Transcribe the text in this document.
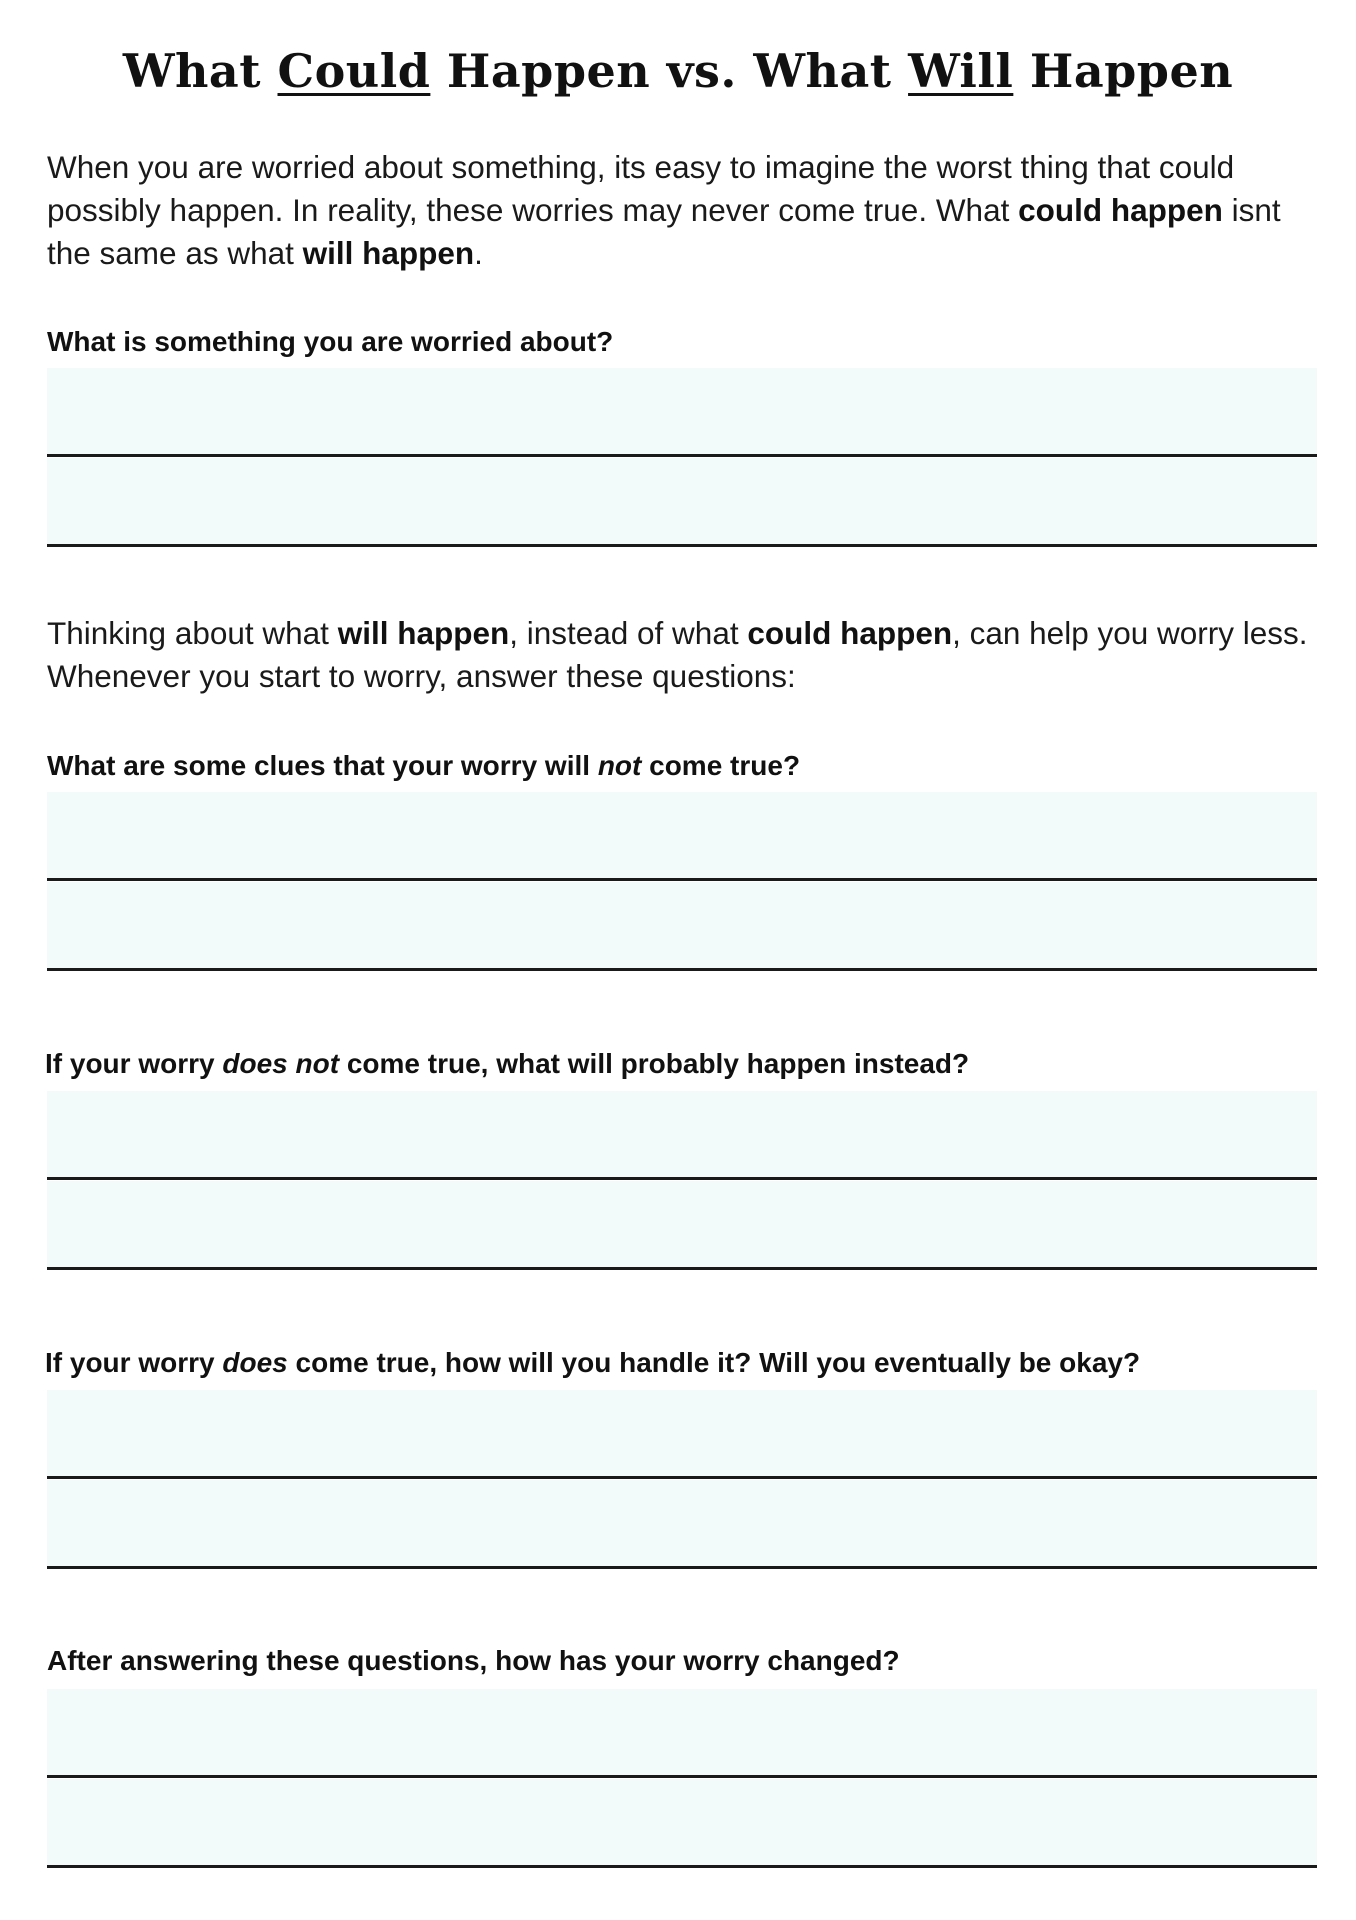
What Could Happen vs. What Will Happen
When you are worried about something, its easy to imagine the worst thing that could possibly happen. In reality, these worries may never come true. What could happen isnt the same as what will happen.
What is something you are worried about?
Thinking about what will happen, instead of what could happen, can help you worry less. Whenever you start to worry, answer these questions:
What are some clues that your worry will not come true?
If your worry does not come true, what will probably happen instead?
If your worry does come true, how will you handle it? Will you eventually be okay?
After answering these questions, how has your worry changed?
